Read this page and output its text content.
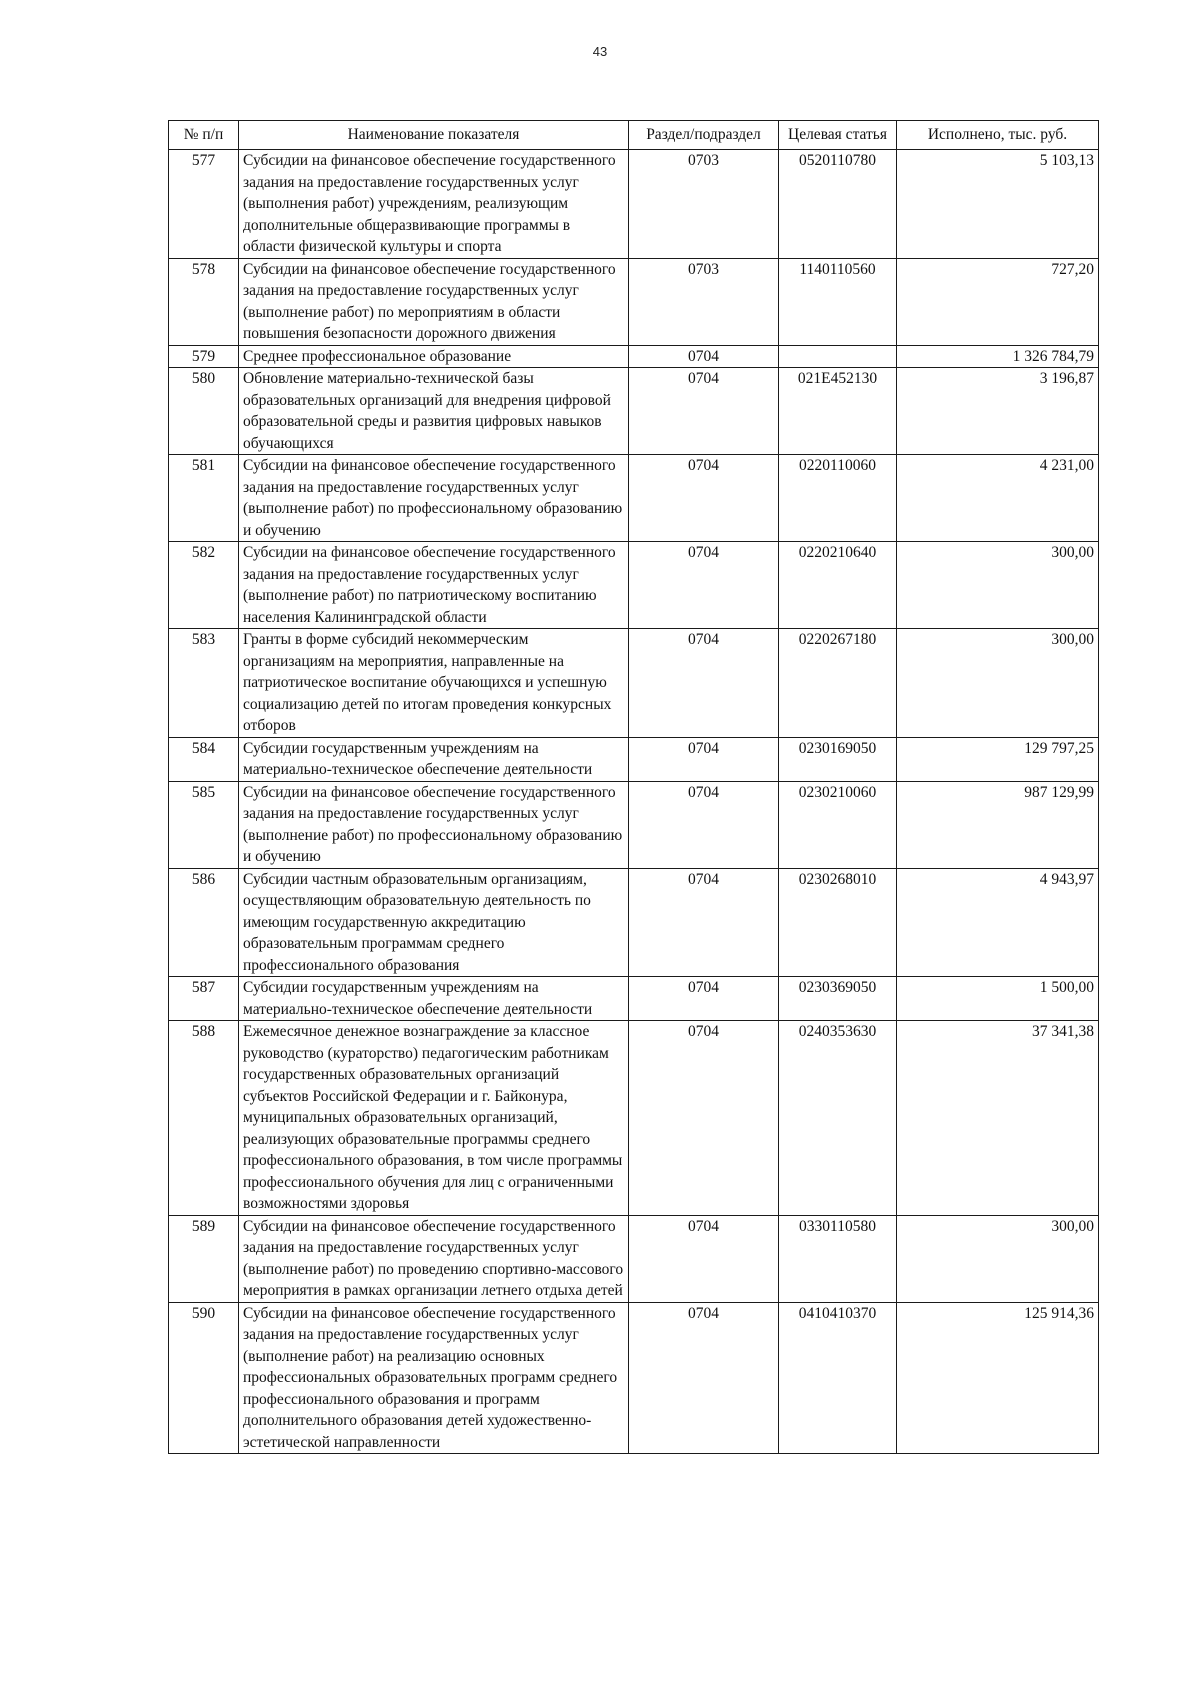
43
№ п/п	Наименование показателя	Раздел/подраздел	Целевая статья	Исполнено, тыс. руб.
577	Субсидии на финансовое обеспечение государственного задания на предоставление государственных услуг (выполнения работ) учреждениям, реализующим дополнительные общеразвивающие программы в области физической культуры и спорта	0703	0520110780	5 103,13
578	Субсидии на финансовое обеспечение государственного задания на предоставление государственных услуг (выполнение работ) по мероприятиям в области повышения безопасности дорожного движения	0703	1140110560	727,20
579	Среднее профессиональное образование	0704		1 326 784,79
580	Обновление материально-технической базы образовательных организаций для внедрения цифровой образовательной среды и развития цифровых навыков обучающихся	0704	021E452130	3 196,87
581	Субсидии на финансовое обеспечение государственного задания на предоставление государственных услуг (выполнение работ) по профессиональному образованию и обучению	0704	0220110060	4 231,00
582	Субсидии на финансовое обеспечение государственного задания на предоставление государственных услуг (выполнение работ) по патриотическому воспитанию населения Калининградской области	0704	0220210640	300,00
583	Гранты в форме субсидий некоммерческим организациям на мероприятия, направленные на патриотическое воспитание обучающихся и успешную социализацию детей по итогам проведения конкурсных отборов	0704	0220267180	300,00
584	Субсидии государственным учреждениям на материально-техническое обеспечение деятельности	0704	0230169050	129 797,25
585	Субсидии на финансовое обеспечение государственного задания на предоставление государственных услуг (выполнение работ) по профессиональному образованию и обучению	0704	0230210060	987 129,99
586	Субсидии частным образовательным организациям, осуществляющим образовательную деятельность по имеющим государственную аккредитацию образовательным программам среднего профессионального образования	0704	0230268010	4 943,97
587	Субсидии государственным учреждениям на материально-техническое обеспечение деятельности	0704	0230369050	1 500,00
588	Ежемесячное денежное вознаграждение за классное руководство (кураторство) педагогическим работникам государственных образовательных организаций субъектов Российской Федерации и г. Байконура, муниципальных образовательных организаций, реализующих образовательные программы среднего профессионального образования, в том числе программы профессионального обучения для лиц с ограниченными возможностями здоровья	0704	0240353630	37 341,38
589	Субсидии на финансовое обеспечение государственного задания на предоставление государственных услуг (выполнение работ) по проведению спортивно-массового мероприятия в рамках организации летнего отдыха детей	0704	0330110580	300,00
590	Субсидии на финансовое обеспечение государственного задания на предоставление государственных услуг (выполнение работ) на реализацию основных профессиональных образовательных программ среднего профессионального образования и программ дополнительного образования детей художественно-эстетической направленности	0704	0410410370	125 914,36
